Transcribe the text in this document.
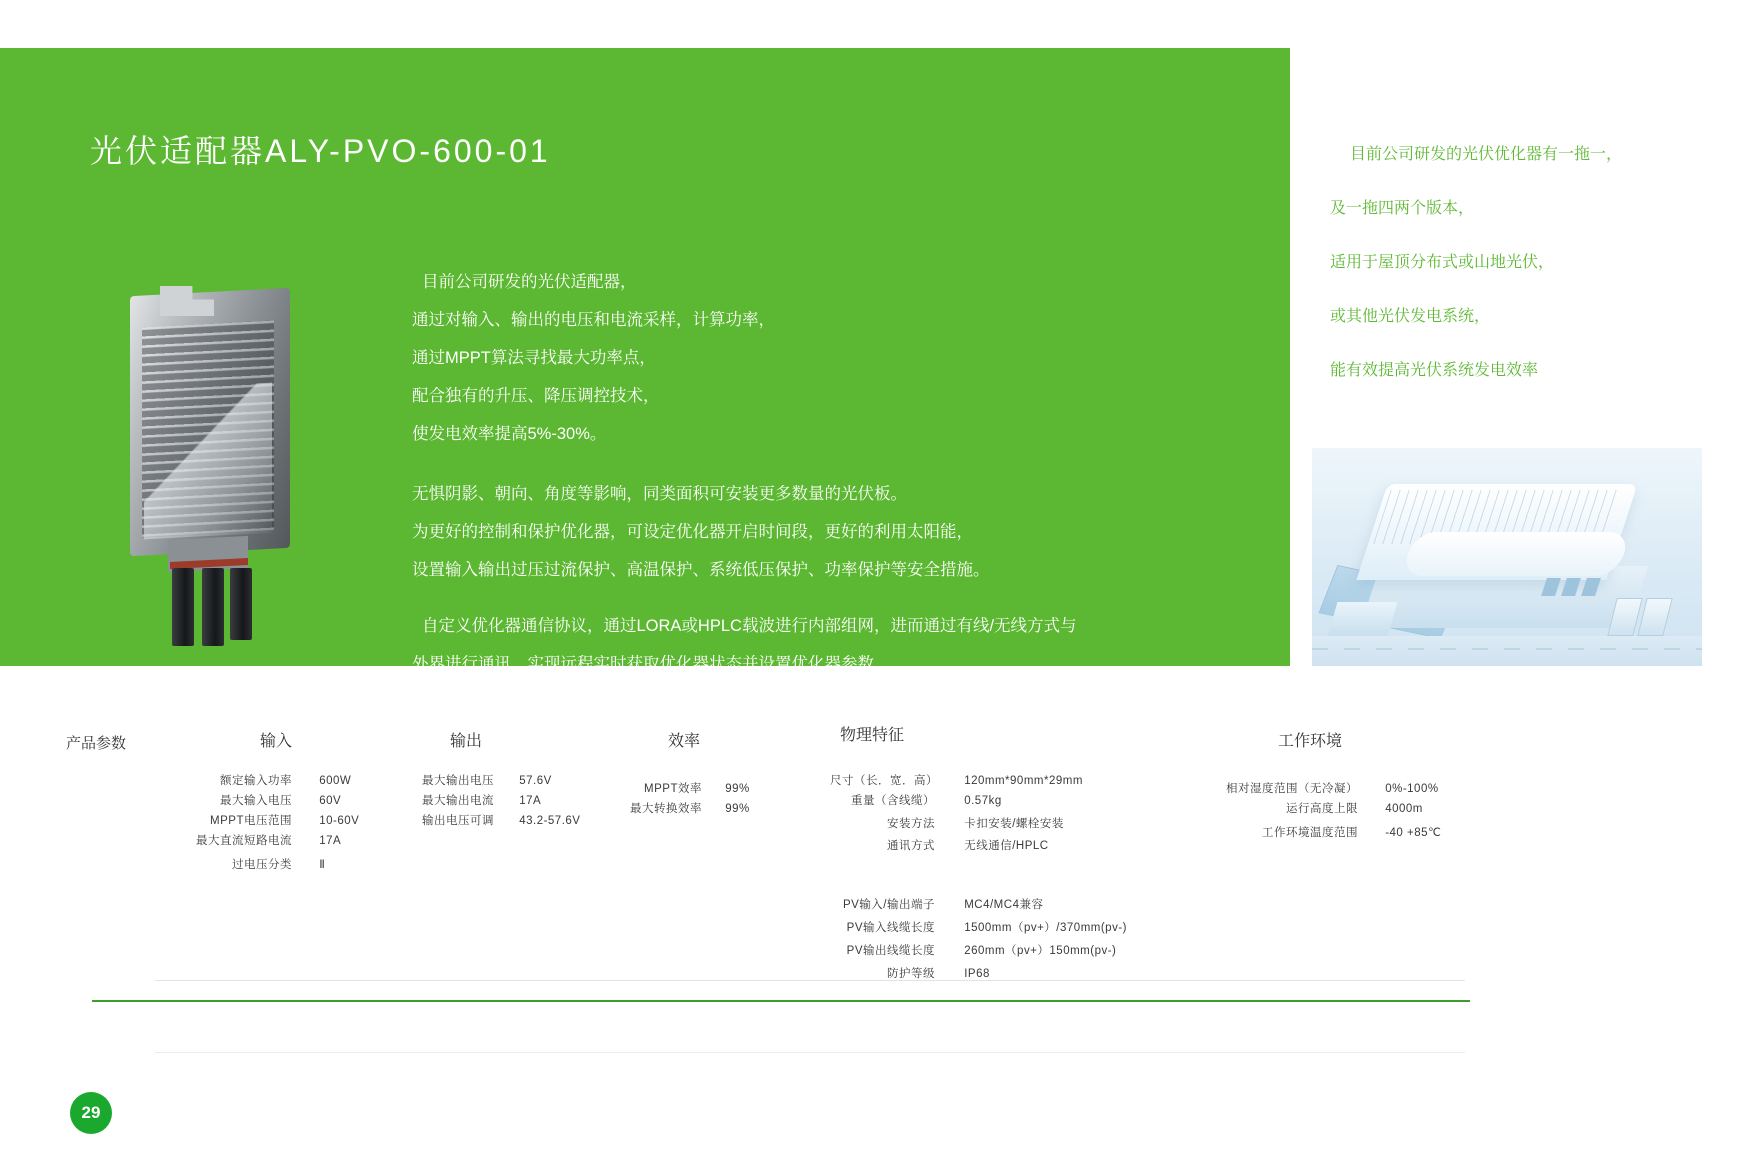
光伏适配器ALY-PVO-600-01

目前公司研发的光伏适配器，

通过对输入、输出的电压和电流采样，计算功率，

通过MPPT算法寻找最大功率点，

配合独有的升压、降压调控技术，

使发电效率提高5%-30%。

无惧阴影、朝向、角度等影响，同类面积可安装更多数量的光伏板。

为更好的控制和保护优化器，可设定优化器开启时间段，更好的利用太阳能，

设置输入输出过压过流保护、高温保护、系统低压保护、功率保护等安全措施。

自定义优化器通信协议，通过LORA或HPLC载波进行内部组网，进而通过有线/无线方式与

外界进行通讯，实现远程实时获取优化器状态并设置优化器参数。

目前公司研发的光伏优化器有一拖一，

及一拖四两个版本，

适用于屋顶分布式或山地光伏，

或其他光伏发电系统，

能有效提高光伏系统发电效率

产品参数	输入
额定输入功率 600W
最大输入电压 60V
MPPT电压范围 10-60V
最大直流短路电流 17A
过电压分类 Ⅱ
输出
最大输出电压 57.6V
最大输出电流 17A
输出电压可调 43.2-57.6V
效率
MPPT效率 99%
最大转换效率 99%
物理特征
尺寸（长．宽．高） 120mm*90mm*29mm
重量（含线缆）	0.57kg
安装方法	卡扣安装/螺栓安装
通讯方式	无线通信/HPLC
PV输入/输出端子	MC4/MC4兼容
PV输入线缆长度	1500mm（pv+）/370mm(pv-)
PV输出线缆长度	260mm（pv+）150mm(pv-)
防护等级	IP68
工作环境
相对湿度范围（无冷凝） 0%-100%
运行高度上限 4000m
工作环境温度范围 -40 +85℃
29
